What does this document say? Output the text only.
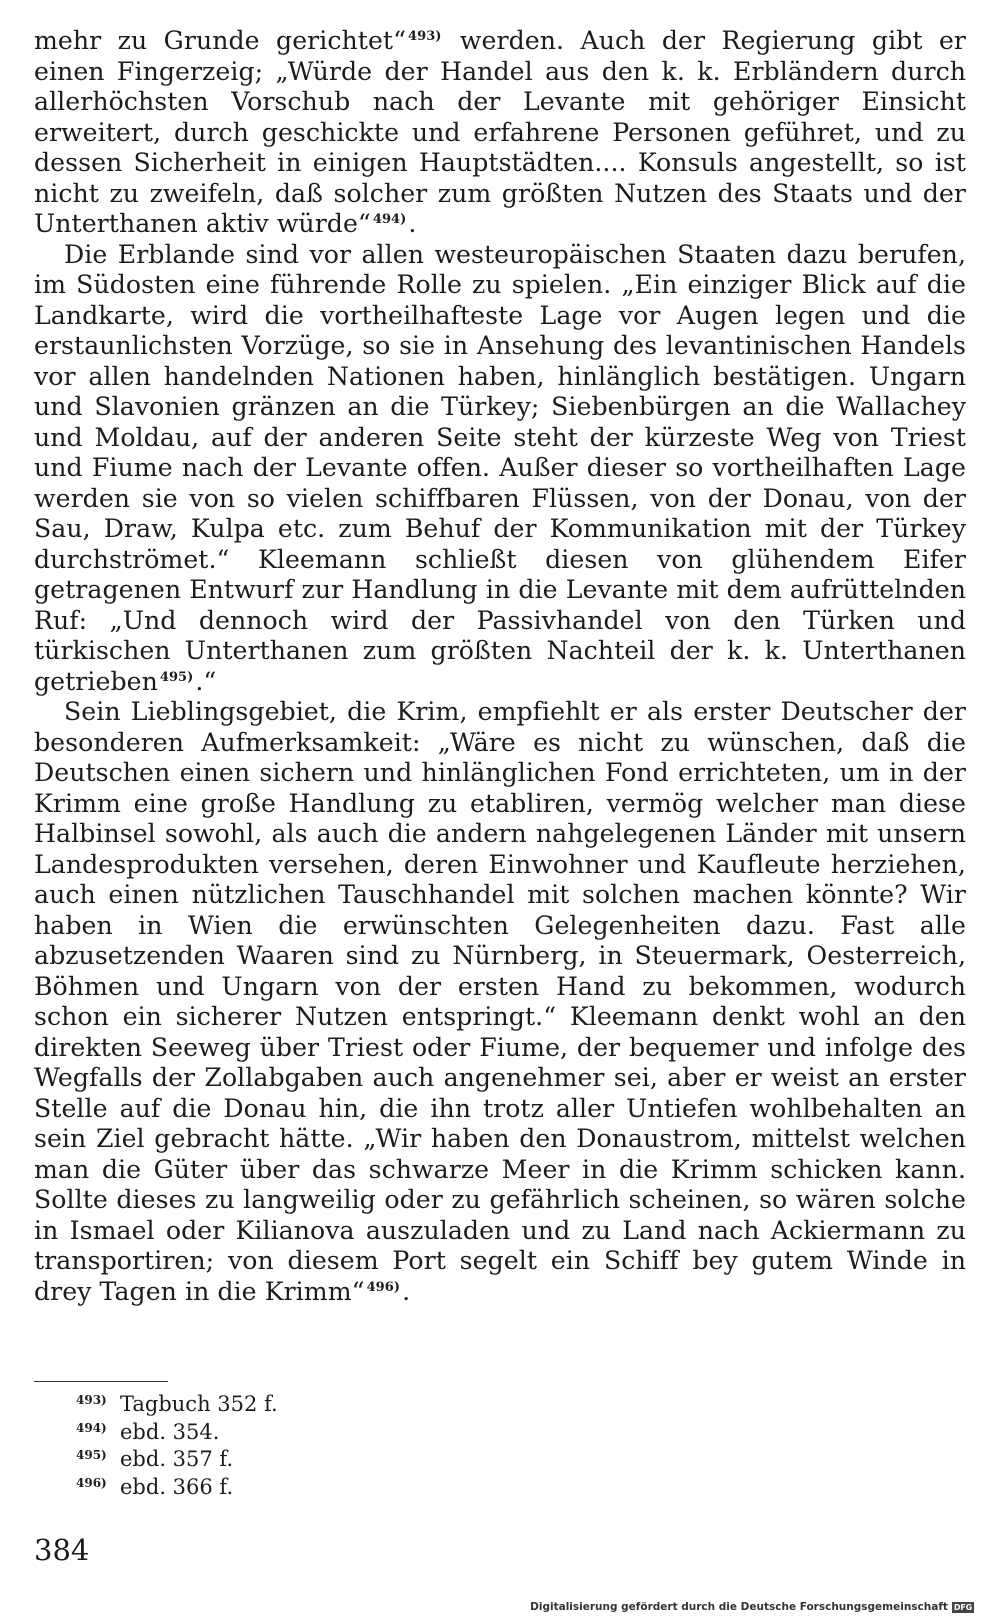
mehr zu Grunde gerichtet“ $^{493)}$ werden. Auch der Regierung gibt er einen Fingerzeig; „Würde der Handel aus den k. k. Erbländern durch allerhöchsten Vorschub nach der Levante mit gehöriger Einsicht erweitert, durch geschickte und erfahrene Personen geführet, und zu dessen Sicherheit in einigen Hauptstädten.... Konsuls angestellt, so ist nicht zu zweifeln, daß solcher zum größten Nutzen des Staats und der Unterthanen aktiv würde“ $^{494)}$.

Die Erblande sind vor allen westeuropäischen Staaten dazu berufen, im Südosten eine führende Rolle zu spielen. „Ein einziger Blick auf die Landkarte, wird die vortheilhafteste Lage vor Augen legen und die erstaunlichsten Vorzüge, so sie in Ansehung des levantinischen Handels vor allen handelnden Nationen haben, hinlänglich bestätigen. Ungarn und Slavonien gränzen an die Türkey; Siebenbürgen an die Wallachey und Moldau, auf der anderen Seite steht der kürzeste Weg von Triest und Fiume nach der Levante offen. Außer dieser so vortheilhaften Lage werden sie von so vielen schiffbaren Flüssen, von der Donau, von der Sau, Draw, Kulpa etc. zum Behuf der Kommunikation mit der Türkey durchströmet.“ Kleemann schließt diesen von glühendem Eifer getragenen Entwurf zur Handlung in die Levante mit dem aufrüttelnden Ruf: „Und dennoch wird der Passivhandel von den Türken und türkischen Unterthanen zum größten Nachteil der k. k. Unterthanen getrieben $^{495)}$.“

Sein Lieblingsgebiet, die Krim, empfiehlt er als erster Deutscher der besonderen Aufmerksamkeit: „Wäre es nicht zu wünschen, daß die Deutschen einen sichern und hinlänglichen Fond errichteten, um in der Krimm eine große Handlung zu etabliren, vermög welcher man diese Halbinsel sowohl, als auch die andern nahgelegenen Länder mit unsern Landesprodukten versehen, deren Einwohner und Kaufleute herziehen, auch einen nützlichen Tauschhandel mit solchen machen könnte? Wir haben in Wien die erwünschten Gelegenheiten dazu. Fast alle abzusetzenden Waaren sind zu Nürnberg, in Steuermark, Oesterreich, Böhmen und Ungarn von der ersten Hand zu bekommen, wodurch schon ein sicherer Nutzen entspringt.“ Kleemann denkt wohl an den direkten Seeweg über Triest oder Fiume, der bequemer und infolge des Wegfalls der Zollabgaben auch angenehmer sei, aber er weist an erster Stelle auf die Donau hin, die ihn trotz aller Untiefen wohlbehalten an sein Ziel gebracht hätte. „Wir haben den Donaustrom, mittelst welchen man die Güter über das schwarze Meer in die Krimm schicken kann. Sollte dieses zu langweilig oder zu gefährlich scheinen, so wären solche in Ismael oder Kilianova auszuladen und zu Land nach Ackiermann zu transportiren; von diesem Port segelt ein Schiff bey gutem Winde in drey Tagen in die Krimm“ $^{496)}$.

493) Tagbuch 352 f.
494) ebd. 354.
495) ebd. 357 f.
496) ebd. 366 f.
384
Digitalisierung gefördert durch die Deutsche Forschungsgemeinschaft DFG
